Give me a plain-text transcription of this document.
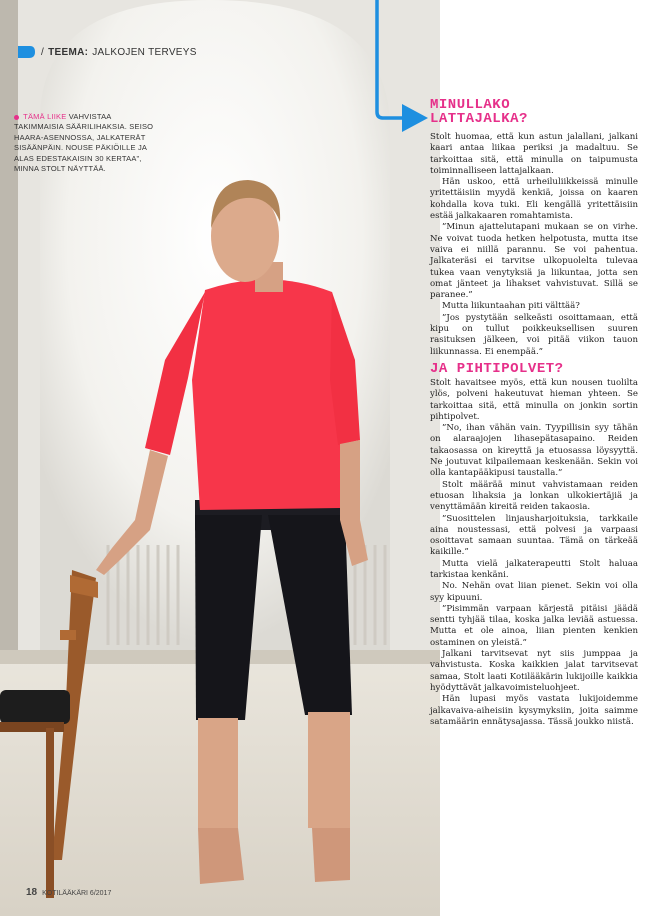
/ TEEMA: JALKOJEN TERVEYS
TÄMÄ LIIKE VAHVISTAA TAKIMMAISIA SÄÄRILIHAKSIA. SEISO HAARA-ASENNOSSA, JALKATERÄT SISÄÄNPÄIN. NOUSE PÄKIÖILLE JA ALAS EDESTAKAISIN 30 KERTAA”, MINNA STOLT NÄYTTÄÄ.
MINULLAKO
LATTAJALKA?

Stolt huomaa, että kun astun jalallani, jalkani kaari antaa liikaa periksi ja madaltuu. Se tarkoittaa sitä, että minulla on taipumusta toiminnalliseen lattajalkaan.

Hän uskoo, että urheiluliikkeissä minulle yritettäisiin myydä kenkiä, joissa on kaaren kohdalla kova tuki. Eli kengällä yritettäisiin estää jalkakaaren romahtamista.

”Minun ajattelutapani mukaan se on virhe. Ne voivat tuoda hetken helpotusta, mutta itse vaiva ei niillä parannu. Se voi pahentua. Jalkateräsi ei tarvitse ulkopuolelta tulevaa tukea vaan venytyksiä ja liikuntaa, jotta sen omat jänteet ja lihakset vahvistuvat. Sillä se paranee.”

Mutta liikuntaahan piti välttää?

”Jos pystytään selkeästi osoittamaan, että kipu on tullut poikkeuksellisen suuren rasituksen jälkeen, voi pitää viikon tauon liikunnassa. Ei enempää.”

JA PIHTIPOLVET?

Stolt havaitsee myös, että kun nousen tuolilta ylös, polveni hakeutuvat hieman yhteen. Se tarkoittaa sitä, että minulla on jonkin sortin pihtipolvet.

”No, ihan vähän vain. Tyypillisin syy tähän on alaraajojen lihasepätasapaino. Reiden takaosassa on kireyttä ja etuosassa löysyyttä. Ne joutuvat kilpailemaan keskenään. Sekin voi olla kantapääkipusi taustalla.”

Stolt määrää minut vahvistamaan reiden etuosan lihaksia ja lonkan ulkokiertäjiä ja venyttämään kireitä reiden takaosia.

”Suosittelen linjausharjoituksia, tarkkaile aina noustessasi, että polvesi ja varpaasi osoittavat samaan suuntaa. Tämä on tärkeää kaikille.”

Mutta vielä jalkaterapeutti Stolt haluaa tarkistaa kenkäni.

No. Nehän ovat liian pienet. Sekin voi olla syy kipuuni.

”Pisimmän varpaan kärjestä pitäisi jäädä sentti tyhjää tilaa, koska jalka leviää astuessa. Mutta et ole ainoa, liian pienten kenkien ostaminen on yleistä.”

Jalkani tarvitsevat nyt siis jumppaa ja vahvistusta. Koska kaikkien jalat tarvitsevat samaa, Stolt laati Kotilääkärin lukijoille kaikkia hyödyttävät jalkavoimisteluohjeet.

Hän lupasi myös vastata lukijoidemme jalkavaiva-aiheisiin kysymyksiin, joita saimme satamäärin ennätysajassa. Tässä joukko niistä.

18 KOTILÄÄKÄRI 6/2017
